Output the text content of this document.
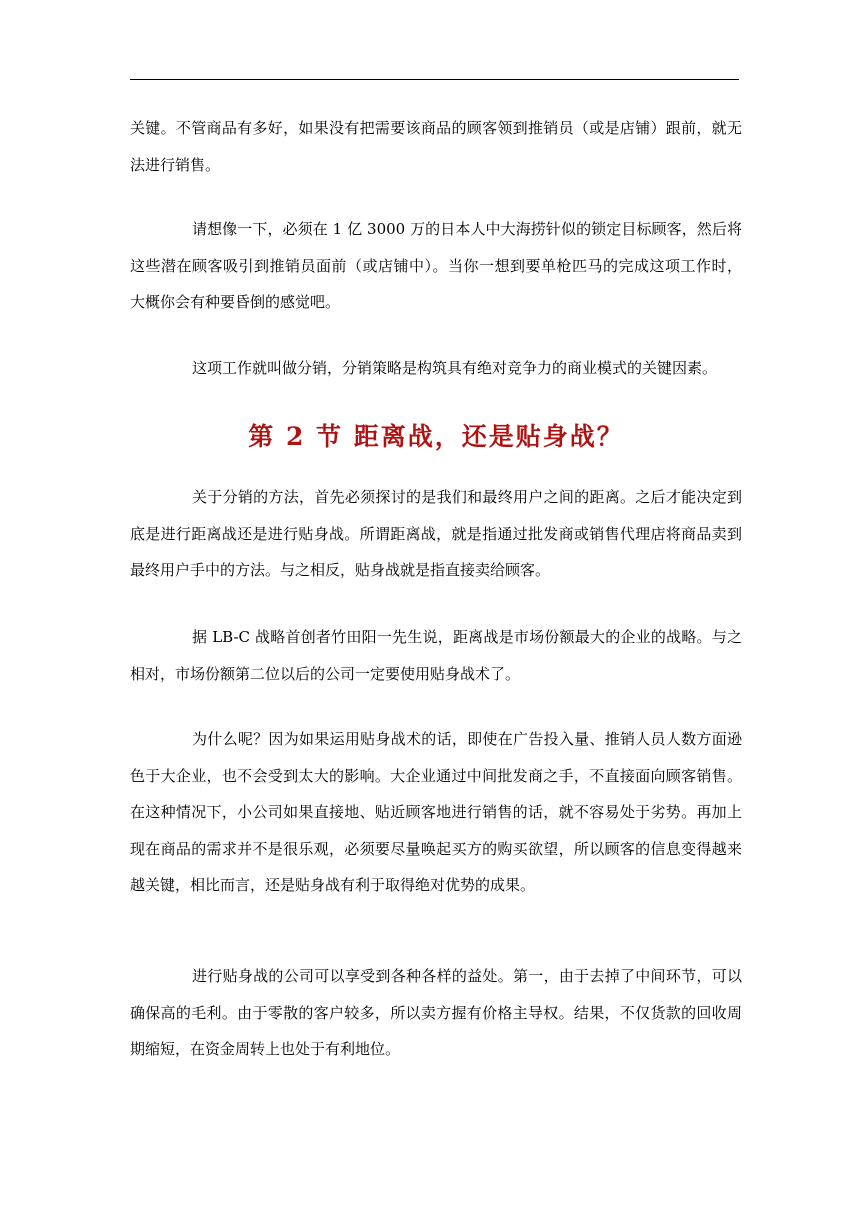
关键。不管商品有多好，如果没有把需要该商品的顾客领到推销员（或是店铺）跟前，就无
法进行销售。
请想像一下，必须在 1 亿 3000 万的日本人中大海捞针似的锁定目标顾客，然后将
这些潜在顾客吸引到推销员面前（或店铺中）。当你一想到要单枪匹马的完成这项工作时，
大概你会有种要昏倒的感觉吧。
这项工作就叫做分销，分销策略是构筑具有绝对竞争力的商业模式的关键因素。
第 2 节 距离战，还是贴身战？
关于分销的方法，首先必须探讨的是我们和最终用户之间的距离。之后才能决定到
底是进行距离战还是进行贴身战。所谓距离战，就是指通过批发商或销售代理店将商品卖到
最终用户手中的方法。与之相反，贴身战就是指直接卖给顾客。
据 LB-C 战略首创者竹田阳一先生说，距离战是市场份额最大的企业的战略。与之
相对，市场份额第二位以后的公司一定要使用贴身战术了。
为什么呢？因为如果运用贴身战术的话，即使在广告投入量、推销人员人数方面逊
色于大企业，也不会受到太大的影响。大企业通过中间批发商之手，不直接面向顾客销售。
在这种情况下，小公司如果直接地、贴近顾客地进行销售的话，就不容易处于劣势。再加上
现在商品的需求并不是很乐观，必须要尽量唤起买方的购买欲望，所以顾客的信息变得越来
越关键，相比而言，还是贴身战有利于取得绝对优势的成果。
进行贴身战的公司可以享受到各种各样的益处。第一，由于去掉了中间环节，可以
确保高的毛利。由于零散的客户较多，所以卖方握有价格主导权。结果，不仅货款的回收周
期缩短，在资金周转上也处于有利地位。
